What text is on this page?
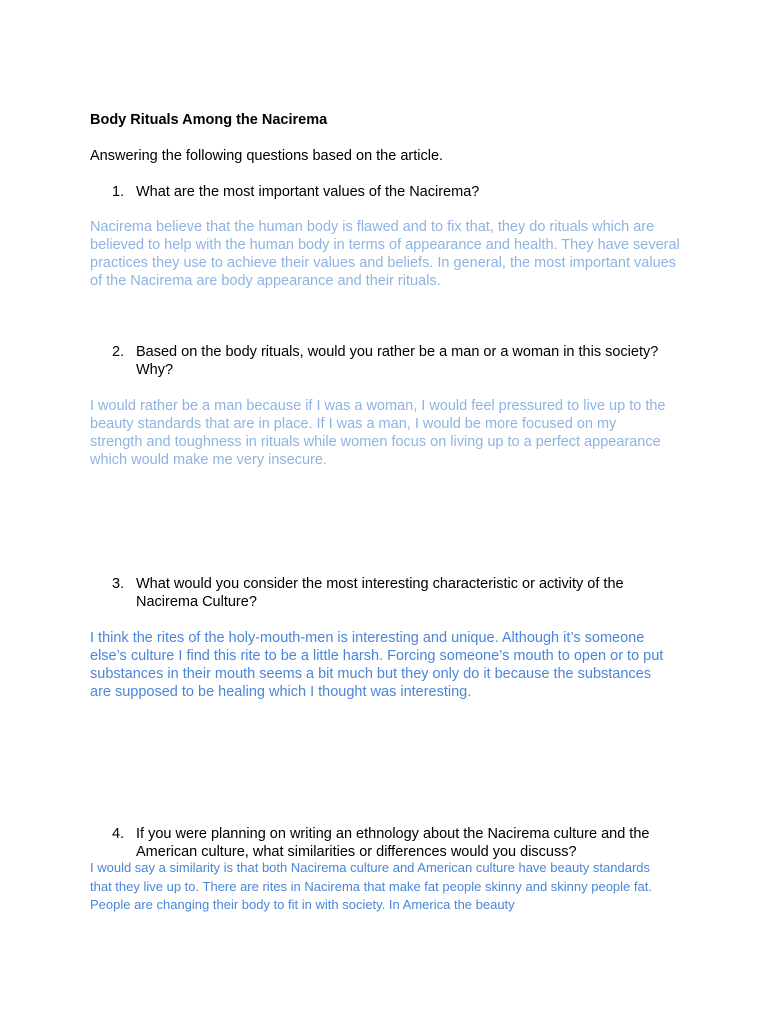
Body Rituals Among the Nacirema

Answering the following questions based on the article.

1. What are the most important values of the Nacirema?

Nacirema believe that the human body is flawed and to fix that, they do rituals which are believed to help with the human body in terms of appearance and health. They have several practices they use to achieve their values and beliefs. In general, the most important values of the Nacirema are body appearance and their rituals.

2. Based on the body rituals, would you rather be a man or a woman in this society? Why?

I would rather be a man because if I was a woman, I would feel pressured to live up to the beauty standards that are in place. If I was a man, I would be more focused on my strength and toughness in rituals while women focus on living up to a perfect appearance which would make me very insecure.

3. What would you consider the most interesting characteristic or activity of the Nacirema Culture?

I think the rites of the holy-mouth-men is interesting and unique. Although it’s someone else’s culture I find this rite to be a little harsh. Forcing someone’s mouth to open or to put substances in their mouth seems a bit much but they only do it because the substances are supposed to be healing which I thought was interesting.

4. If you were planning on writing an ethnology about the Nacirema culture and the American culture, what similarities or differences would you discuss?

I would say a similarity is that both Nacirema culture and American culture have beauty standards that they live up to. There are rites in Nacirema that make fat people skinny and skinny people fat. People are changing their body to fit in with society. In America the beauty
